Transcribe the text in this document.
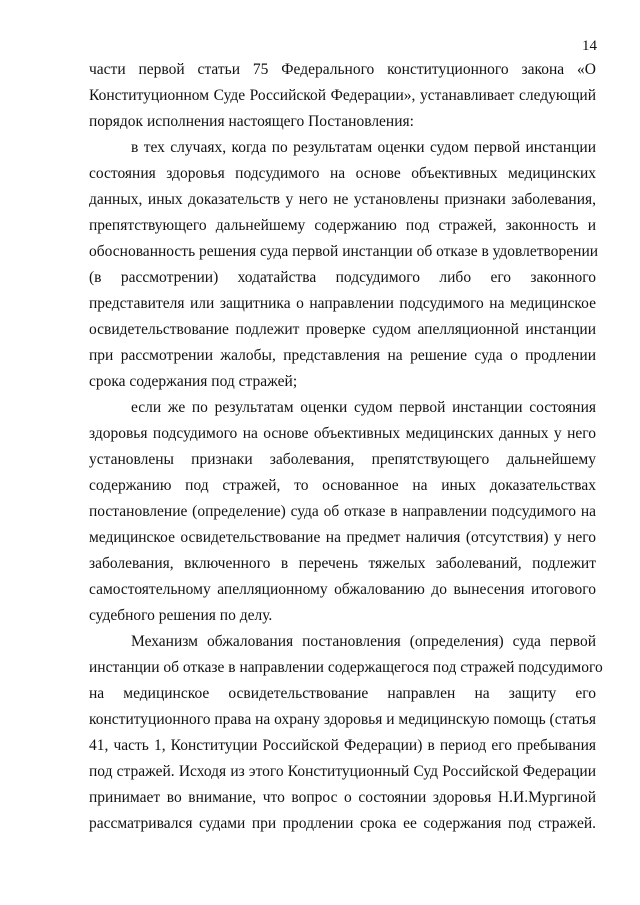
14
части первой статьи 75 Федерального конституционного закона «О
Конституционном Суде Российской Федерации», устанавливает следующий
порядок исполнения настоящего Постановления:
в тех случаях, когда по результатам оценки судом первой инстанции
состояния здоровья подсудимого на основе объективных медицинских
данных, иных доказательств у него не установлены признаки заболевания,
препятствующего дальнейшему содержанию под стражей, законность и
обоснованность решения суда первой инстанции об отказе в удовлетворении
(в рассмотрении) ходатайства подсудимого либо его законного
представителя или защитника о направлении подсудимого на медицинское
освидетельствование подлежит проверке судом апелляционной инстанции
при рассмотрении жалобы, представления на решение суда о продлении
срока содержания под стражей;
если же по результатам оценки судом первой инстанции состояния
здоровья подсудимого на основе объективных медицинских данных у него
установлены признаки заболевания, препятствующего дальнейшему
содержанию под стражей, то основанное на иных доказательствах
постановление (определение) суда об отказе в направлении подсудимого на
медицинское освидетельствование на предмет наличия (отсутствия) у него
заболевания, включенного в перечень тяжелых заболеваний, подлежит
самостоятельному апелляционному обжалованию до вынесения итогового
судебного решения по делу.
Механизм обжалования постановления (определения) суда первой
инстанции об отказе в направлении содержащегося под стражей подсудимого
на медицинское освидетельствование направлен на защиту его
конституционного права на охрану здоровья и медицинскую помощь (статья
41, часть 1, Конституции Российской Федерации) в период его пребывания
под стражей. Исходя из этого Конституционный Суд Российской Федерации
принимает во внимание, что вопрос о состоянии здоровья Н.И.Мургиной
рассматривался судами при продлении срока ее содержания под стражей.
